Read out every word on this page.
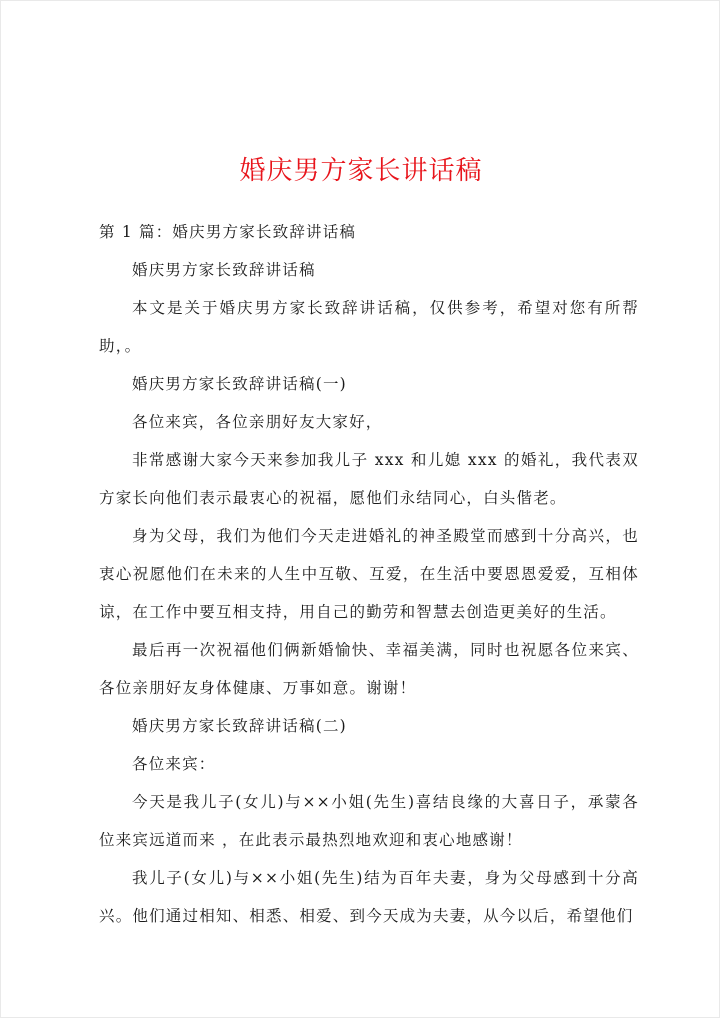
婚庆男方家长讲话稿

第 1 篇：婚庆男方家长致辞讲话稿

婚庆男方家长致辞讲话稿

本文是关于婚庆男方家长致辞讲话稿，仅供参考，希望对您有所帮助，。

婚庆男方家长致辞讲话稿(一)

各位来宾，各位亲朋好友大家好，

非常感谢大家今天来参加我儿子 xxx 和儿媳 xxx 的婚礼，我代表双方家长向他们表示最衷心的祝福，愿他们永结同心，白头偕老。

身为父母，我们为他们今天走进婚礼的神圣殿堂而感到十分高兴，也衷心祝愿他们在未来的人生中互敬、互爱，在生活中要恩恩爱爱，互相体谅，在工作中要互相支持，用自己的勤劳和智慧去创造更美好的生活。

最后再一次祝福他们俩新婚愉快、幸福美满，同时也祝愿各位来宾、各位亲朋好友身体健康、万事如意。谢谢！

婚庆男方家长致辞讲话稿(二)

各位来宾：

今天是我儿子(女儿)与××小姐(先生)喜结良缘的大喜日子，承蒙各位来宾远道而来 ，在此表示最热烈地欢迎和衷心地感谢！

我儿子(女儿)与××小姐(先生)结为百年夫妻，身为父母感到十分高兴。他们通过相知、相悉、相爱、到今天成为夫妻，从今以后，希望他们
